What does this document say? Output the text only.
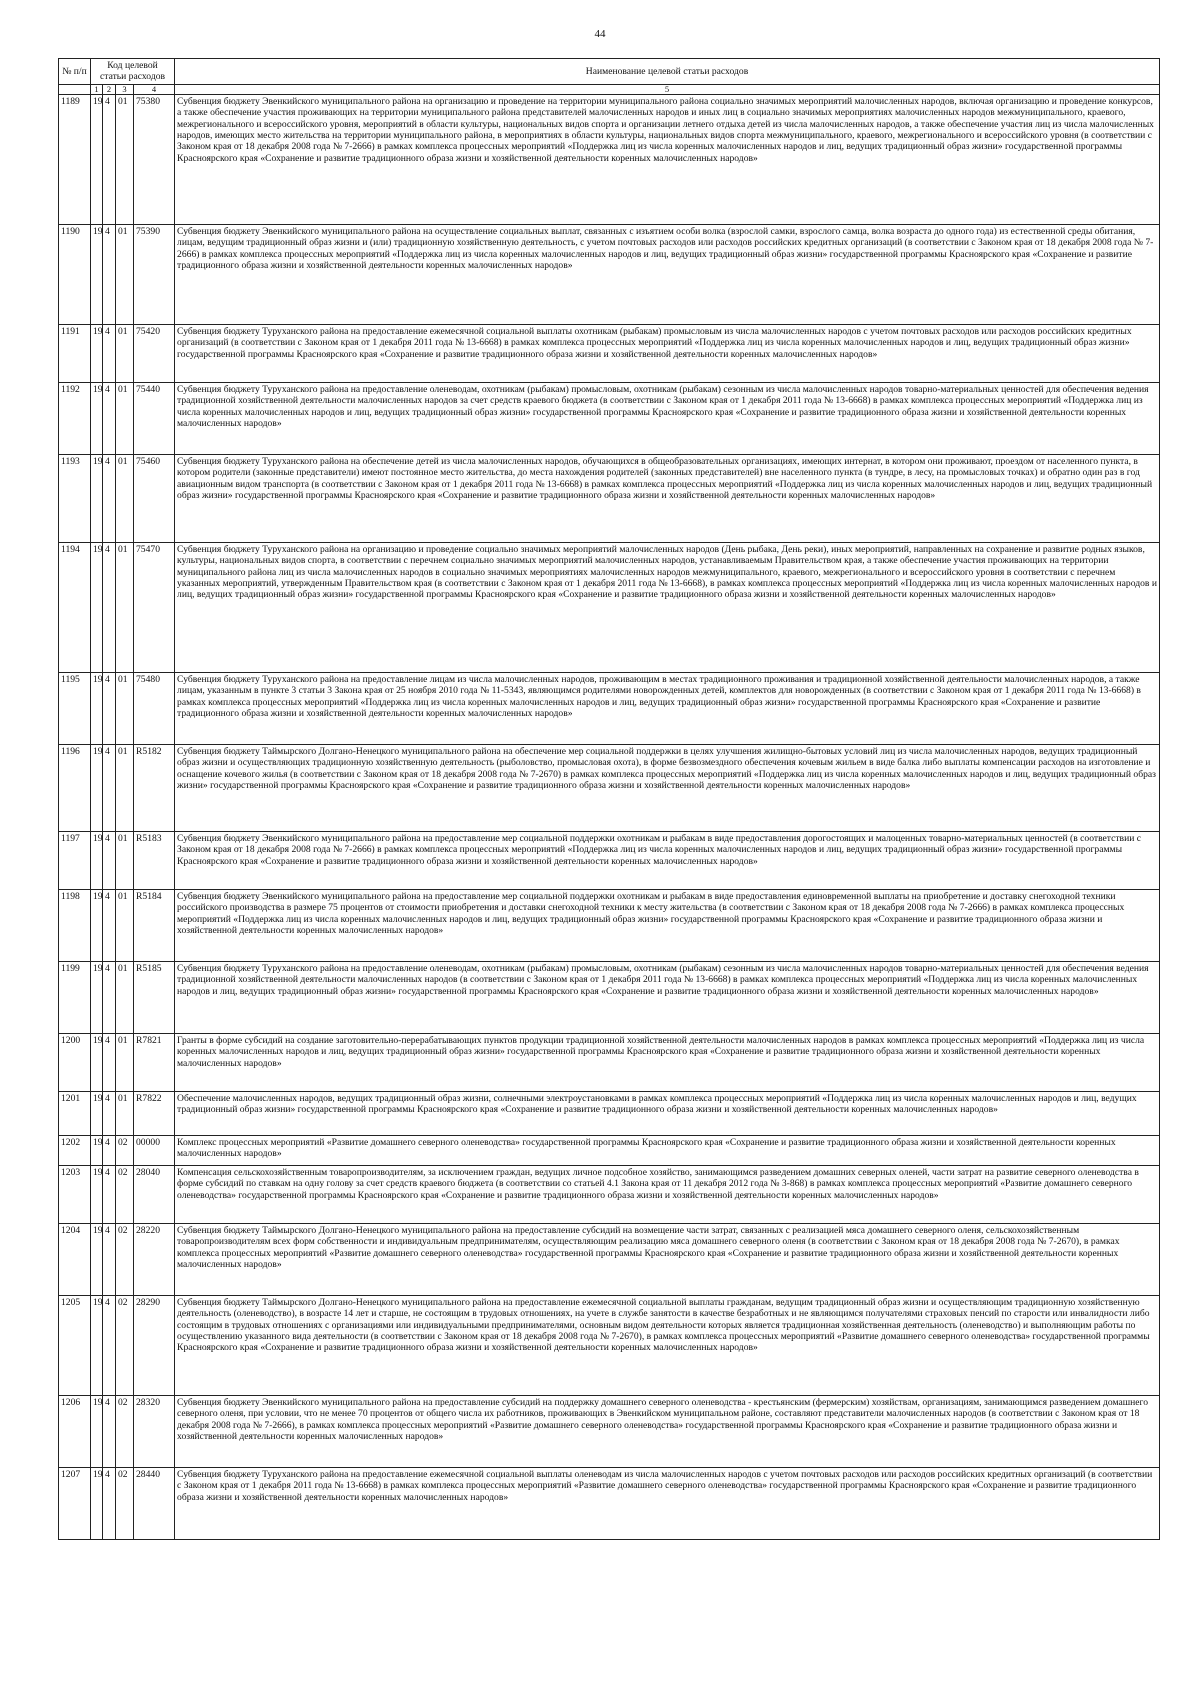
44
№ п/п	Код целевой статьи расходов				Наименование целевой статьи расходов

	1	2	3	4	5
1189	19	4	01	75380	Субвенция бюджету Эвенкийского муниципального района на организацию и проведение на территории муниципального района социально значимых мероприятий малочисленных народов, включая организацию и проведение конкурсов, а также обеспечение участия проживающих на территории муниципального района представителей малочисленных народов и иных лиц в социально значимых мероприятиях малочисленных народов межмуниципального, краевого, межрегионального и всероссийского уровня, мероприятий в области культуры, национальных видов спорта и организации летнего отдыха детей из числа малочисленных народов, а также обеспечение участия лиц из числа малочисленных народов, имеющих место жительства на территории муниципального района, в мероприятиях в области культуры, национальных видов спорта межмуниципального, краевого, межрегионального и всероссийского уровня (в соответствии с Законом края от 18 декабря 2008 года № 7-2666) в рамках комплекса процессных мероприятий «Поддержка лиц из числа коренных малочисленных народов и лиц, ведущих традиционный образ жизни» государственной программы Красноярского края «Сохранение и развитие традиционного образа жизни и хозяйственной деятельности коренных малочисленных народов»
1190	19	4	01	75390	Субвенция бюджету Эвенкийского муниципального района на осуществление социальных выплат, связанных с изъятием особи волка (взрослой самки, взрослого самца, волка возраста до одного года) из естественной среды обитания, лицам, ведущим традиционный образ жизни и (или) традиционную хозяйственную деятельность, с учетом почтовых расходов или расходов российских кредитных организаций (в соответствии с Законом края от 18 декабря 2008 года № 7-2666) в рамках комплекса процессных мероприятий «Поддержка лиц из числа коренных малочисленных народов и лиц, ведущих традиционный образ жизни» государственной программы Красноярского края «Сохранение и развитие традиционного образа жизни и хозяйственной деятельности коренных малочисленных народов»
1191	19	4	01	75420	Субвенция бюджету Туруханского района на предоставление ежемесячной социальной выплаты охотникам (рыбакам) промысловым из числа малочисленных народов с учетом почтовых расходов или расходов российских кредитных организаций (в соответствии с Законом края от 1 декабря 2011 года № 13-6668) в рамках комплекса процессных мероприятий «Поддержка лиц из числа коренных малочисленных народов и лиц, ведущих традиционный образ жизни» государственной программы Красноярского края «Сохранение и развитие традиционного образа жизни и хозяйственной деятельности коренных малочисленных народов»
1192	19	4	01	75440	Субвенция бюджету Туруханского района на предоставление оленеводам, охотникам (рыбакам) промысловым, охотникам (рыбакам) сезонным из числа малочисленных народов товарно-материальных ценностей для обеспечения ведения традиционной хозяйственной деятельности малочисленных народов за счет средств краевого бюджета (в соответствии с Законом края от 1 декабря 2011 года № 13-6668) в рамках комплекса процессных мероприятий «Поддержка лиц из числа коренных малочисленных народов и лиц, ведущих традиционный образ жизни» государственной программы Красноярского края «Сохранение и развитие традиционного образа жизни и хозяйственной деятельности коренных малочисленных народов»
1193	19	4	01	75460	Субвенция бюджету Туруханского района на обеспечение детей из числа малочисленных народов, обучающихся в общеобразовательных организациях, имеющих интернат, в котором они проживают, проездом от населенного пункта, в котором родители (законные представители) имеют постоянное место жительства, до места нахождения родителей (законных представителей) вне населенного пункта (в тундре, в лесу, на промысловых точках) и обратно один раз в год авиационным видом транспорта (в соответствии с Законом края от 1 декабря 2011 года № 13-6668) в рамках комплекса процессных мероприятий «Поддержка лиц из числа коренных малочисленных народов и лиц, ведущих традиционный образ жизни» государственной программы Красноярского края «Сохранение и развитие традиционного образа жизни и хозяйственной деятельности коренных малочисленных народов»
1194	19	4	01	75470	Субвенция бюджету Туруханского района на организацию и проведение социально значимых мероприятий малочисленных народов (День рыбака, День реки), иных мероприятий, направленных на сохранение и развитие родных языков, культуры, национальных видов спорта, в соответствии с перечнем социально значимых мероприятий малочисленных народов, устанавливаемым Правительством края, а также обеспечение участия проживающих на территории муниципального района лиц из числа малочисленных народов в социально значимых мероприятиях малочисленных народов межмуниципального, краевого, межрегионального и всероссийского уровня в соответствии с перечнем указанных мероприятий, утвержденным Правительством края (в соответствии с Законом края от 1 декабря 2011 года № 13-6668), в рамках комплекса процессных мероприятий «Поддержка лиц из числа коренных малочисленных народов и лиц, ведущих традиционный образ жизни» государственной программы Красноярского края «Сохранение и развитие традиционного образа жизни и хозяйственной деятельности коренных малочисленных народов»
1195	19	4	01	75480	Субвенция бюджету Туруханского района на предоставление лицам из числа малочисленных народов, проживающим в местах традиционного проживания и традиционной хозяйственной деятельности малочисленных народов, а также лицам, указанным в пункте 3 статьи 3 Закона края от 25 ноября 2010 года № 11-5343, являющимся родителями новорожденных детей, комплектов для новорожденных (в соответствии с Законом края от 1 декабря 2011 года № 13-6668) в рамках комплекса процессных мероприятий «Поддержка лиц из числа коренных малочисленных народов и лиц, ведущих традиционный образ жизни» государственной программы Красноярского края «Сохранение и развитие традиционного образа жизни и хозяйственной деятельности коренных малочисленных народов»
1196	19	4	01	R5182	Субвенция бюджету Таймырского Долгано-Ненецкого муниципального района на обеспечение мер социальной поддержки в целях улучшения жилищно-бытовых условий лиц из числа малочисленных народов, ведущих традиционный образ жизни и осуществляющих традиционную хозяйственную деятельность (рыболовство, промысловая охота), в форме безвозмездного обеспечения кочевым жильем в виде балка либо выплаты компенсации расходов на изготовление и оснащение кочевого жилья (в соответствии с Законом края от 18 декабря 2008 года № 7-2670) в рамках комплекса процессных мероприятий «Поддержка лиц из числа коренных малочисленных народов и лиц, ведущих традиционный образ жизни» государственной программы Красноярского края «Сохранение и развитие традиционного образа жизни и хозяйственной деятельности коренных малочисленных народов»
1197	19	4	01	R5183	Субвенция бюджету Эвенкийского муниципального района на предоставление мер социальной поддержки охотникам и рыбакам в виде предоставления дорогостоящих и малоценных товарно-материальных ценностей (в соответствии с Законом края от 18 декабря 2008 года № 7-2666) в рамках комплекса процессных мероприятий «Поддержка лиц из числа коренных малочисленных народов и лиц, ведущих традиционный образ жизни» государственной программы Красноярского края «Сохранение и развитие традиционного образа жизни и хозяйственной деятельности коренных малочисленных народов»
1198	19	4	01	R5184	Субвенция бюджету Эвенкийского муниципального района на предоставление мер социальной поддержки охотникам и рыбакам в виде предоставления единовременной выплаты на приобретение и доставку снегоходной техники российского производства в размере 75 процентов от стоимости приобретения и доставки снегоходной техники к месту жительства (в соответствии с Законом края от 18 декабря 2008 года № 7-2666) в рамках комплекса процессных мероприятий «Поддержка лиц из числа коренных малочисленных народов и лиц, ведущих традиционный образ жизни» государственной программы Красноярского края «Сохранение и развитие традиционного образа жизни и хозяйственной деятельности коренных малочисленных народов»
1199	19	4	01	R5185	Субвенция бюджету Туруханского района на предоставление оленеводам, охотникам (рыбакам) промысловым, охотникам (рыбакам) сезонным из числа малочисленных народов товарно-материальных ценностей для обеспечения ведения традиционной хозяйственной деятельности малочисленных народов (в соответствии с Законом края от 1 декабря 2011 года № 13-6668) в рамках комплекса процессных мероприятий «Поддержка лиц из числа коренных малочисленных народов и лиц, ведущих традиционный образ жизни» государственной программы Красноярского края «Сохранение и развитие традиционного образа жизни и хозяйственной деятельности коренных малочисленных народов»
1200	19	4	01	R7821	Гранты в форме субсидий на создание заготовительно-перерабатывающих пунктов продукции традиционной хозяйственной деятельности малочисленных народов в рамках комплекса процессных мероприятий «Поддержка лиц из числа коренных малочисленных народов и лиц, ведущих традиционный образ жизни» государственной программы Красноярского края «Сохранение и развитие традиционного образа жизни и хозяйственной деятельности коренных малочисленных народов»
1201	19	4	01	R7822	Обеспечение малочисленных народов, ведущих традиционный образ жизни, солнечными электроустановками в рамках комплекса процессных мероприятий «Поддержка лиц из числа коренных малочисленных народов и лиц, ведущих традиционный образ жизни» государственной программы Красноярского края «Сохранение и развитие традиционного образа жизни и хозяйственной деятельности коренных малочисленных народов»
1202	19	4	02	00000	Комплекс процессных мероприятий «Развитие домашнего северного оленеводства» государственной программы Красноярского края «Сохранение и развитие традиционного образа жизни и хозяйственной деятельности коренных малочисленных народов»
1203	19	4	02	28040	Компенсация сельскохозяйственным товаропроизводителям, за исключением граждан, ведущих личное подсобное хозяйство, занимающимся разведением домашних северных оленей, части затрат на развитие северного оленеводства в форме субсидий по ставкам на одну голову за счет средств краевого бюджета (в соответствии со статьей 4.1 Закона края от 11 декабря 2012 года № 3-868) в рамках комплекса процессных мероприятий «Развитие домашнего северного оленеводства» государственной программы Красноярского края «Сохранение и развитие традиционного образа жизни и хозяйственной деятельности коренных малочисленных народов»
1204	19	4	02	28220	Субвенция бюджету Таймырского Долгано-Ненецкого муниципального района на предоставление субсидий на возмещение части затрат, связанных с реализацией мяса домашнего северного оленя, сельскохозяйственным товаропроизводителям всех форм собственности и индивидуальным предпринимателям, осуществляющим реализацию мяса домашнего северного оленя (в соответствии с Законом края от 18 декабря 2008 года № 7-2670), в рамках комплекса процессных мероприятий «Развитие домашнего северного оленеводства» государственной программы Красноярского края «Сохранение и развитие традиционного образа жизни и хозяйственной деятельности коренных малочисленных народов»
1205	19	4	02	28290	Субвенция бюджету Таймырского Долгано-Ненецкого муниципального района на предоставление ежемесячной социальной выплаты гражданам, ведущим традиционный образ жизни и осуществляющим традиционную хозяйственную деятельность (оленеводство), в возрасте 14 лет и старше, не состоящим в трудовых отношениях, на учете в службе занятости в качестве безработных и не являющимся получателями страховых пенсий по старости или инвалидности либо состоящим в трудовых отношениях с организациями или индивидуальными предпринимателями, основным видом деятельности которых является традиционная хозяйственная деятельность (оленеводство) и выполняющим работы по осуществлению указанного вида деятельности (в соответствии с Законом края от 18 декабря 2008 года № 7-2670), в рамках комплекса процессных мероприятий «Развитие домашнего северного оленеводства» государственной программы Красноярского края «Сохранение и развитие традиционного образа жизни и хозяйственной деятельности коренных малочисленных народов»
1206	19	4	02	28320	Субвенция бюджету Эвенкийского муниципального района на предоставление субсидий на поддержку домашнего северного оленеводства - крестьянским (фермерским) хозяйствам, организациям, занимающимся разведением домашнего северного оленя, при условии, что не менее 70 процентов от общего числа их работников, проживающих в Эвенкийском муниципальном районе, составляют представители малочисленных народов (в соответствии с Законом края от 18 декабря 2008 года № 7-2666), в рамках комплекса процессных мероприятий «Развитие домашнего северного оленеводства» государственной программы Красноярского края «Сохранение и развитие традиционного образа жизни и хозяйственной деятельности коренных малочисленных народов»
1207	19	4	02	28440	Субвенция бюджету Туруханского района на предоставление ежемесячной социальной выплаты оленеводам из числа малочисленных народов с учетом почтовых расходов или расходов российских кредитных организаций (в соответствии с Законом края от 1 декабря 2011 года № 13-6668) в рамках комплекса процессных мероприятий «Развитие домашнего северного оленеводства» государственной программы Красноярского края «Сохранение и развитие традиционного образа жизни и хозяйственной деятельности коренных малочисленных народов»
